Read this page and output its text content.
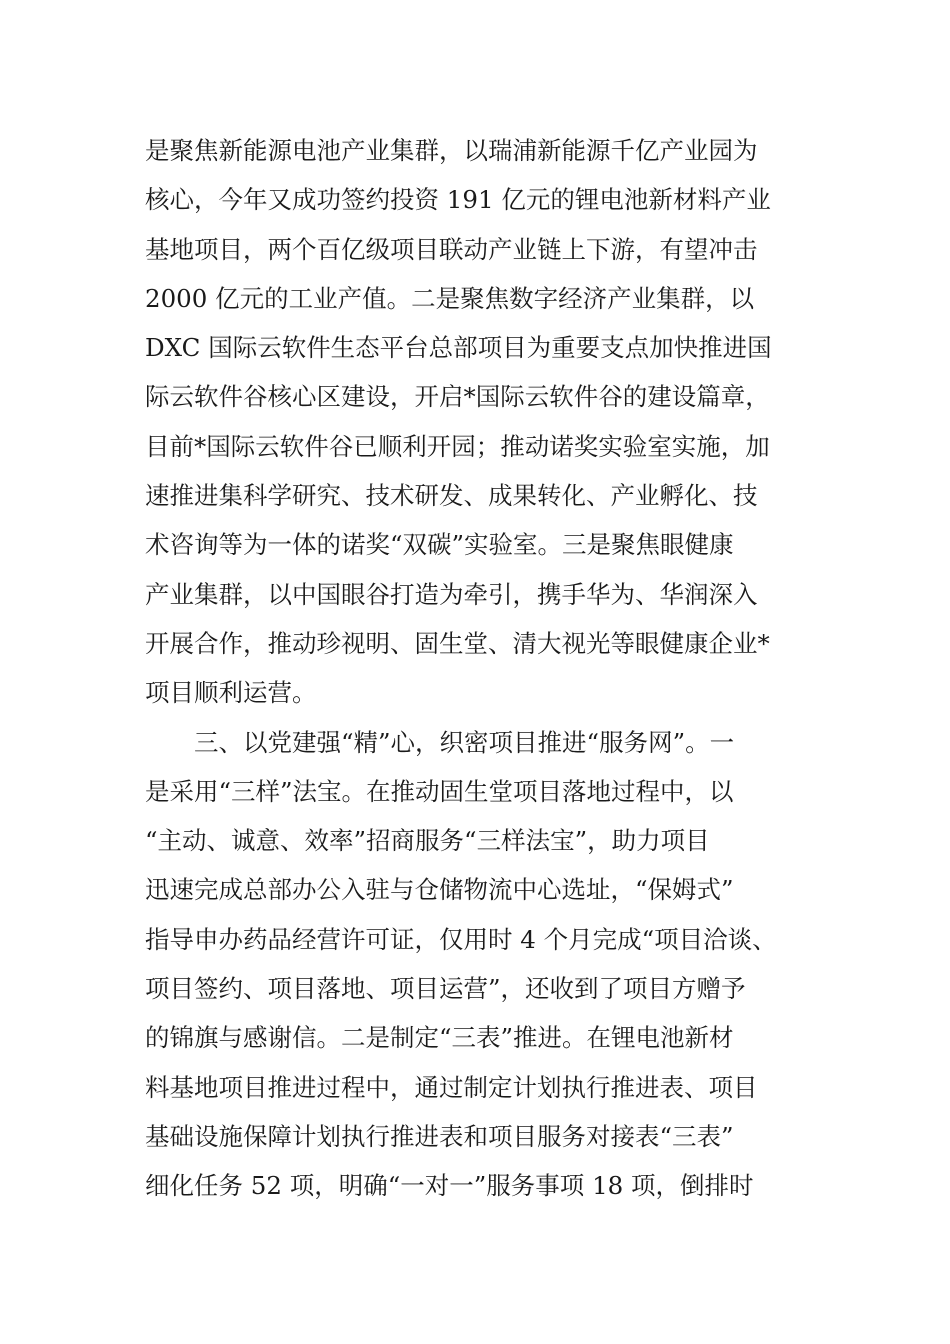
是聚焦新能源电池产业集群，以瑞浦新能源千亿产业园为
核心，今年又成功签约投资 191 亿元的锂电池新材料产业
基地项目，两个百亿级项目联动产业链上下游，有望冲击
2000 亿元的工业产值。二是聚焦数字经济产业集群，以
DXC 国际云软件生态平台总部项目为重要支点加快推进国
际云软件谷核心区建设，开启*国际云软件谷的建设篇章，
目前*国际云软件谷已顺利开园；推动诺奖实验室实施，加
速推进集科学研究、技术研发、成果转化、产业孵化、技
术咨询等为一体的诺奖“双碳”实验室。三是聚焦眼健康
产业集群，以中国眼谷打造为牵引，携手华为、华润深入
开展合作，推动珍视明、固生堂、清大视光等眼健康企业*
项目顺利运营。
　　三、以党建强“精”心，织密项目推进“服务网”。一
是采用“三样”法宝。在推动固生堂项目落地过程中，以
“主动、诚意、效率”招商服务“三样法宝”，助力项目
迅速完成总部办公入驻与仓储物流中心选址，“保姆式”
指导申办药品经营许可证，仅用时 4 个月完成“项目洽谈、
项目签约、项目落地、项目运营”，还收到了项目方赠予
的锦旗与感谢信。二是制定“三表”推进。在锂电池新材
料基地项目推进过程中，通过制定计划执行推进表、项目
基础设施保障计划执行推进表和项目服务对接表“三表”
细化任务 52 项，明确“一对一”服务事项 18 项，倒排时
